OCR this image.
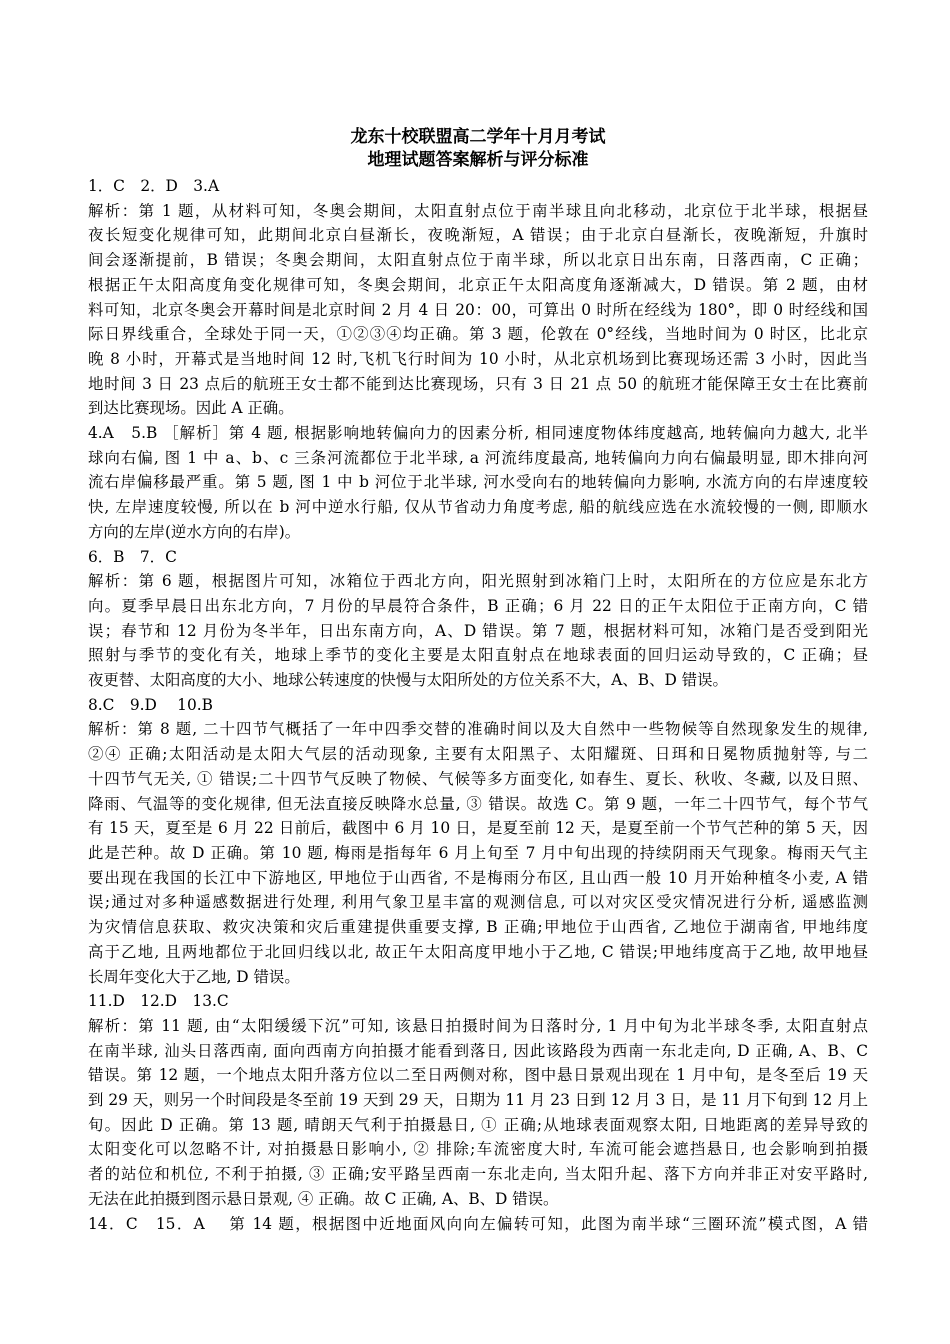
龙东十校联盟高二学年十月月考试

地理试题答案解析与评分标准

1．C　2．D　3.A

解析：第 1 题，从材料可知，冬奥会期间，太阳直射点位于南半球且向北移动，北京位于北半球，根据昼

夜长短变化规律可知，此期间北京白昼渐长，夜晚渐短，A 错误；由于北京白昼渐长，夜晚渐短，升旗时

间会逐渐提前，B 错误；冬奥会期间，太阳直射点位于南半球，所以北京日出东南，日落西南，C 正确；

根据正午太阳高度角变化规律可知，冬奥会期间，北京正午太阳高度角逐渐减大，D 错误。第 2 题，由材

料可知，北京冬奥会开幕时间是北京时间 2 月 4 日 20：00，可算出 0 时所在经线为 180°，即 0 时经线和国

际日界线重合，全球处于同一天，①②③④均正确。第 3 题，伦敦在 0°经线，当地时间为 0 时区，比北京

晚 8 小时，开幕式是当地时间 12 时,飞机飞行时间为 10 小时，从北京机场到比赛现场还需 3 小时，因此当

地时间 3 日 23 点后的航班王女士都不能到达比赛现场，只有 3 日 21 点 50 的航班才能保障王女士在比赛前

到达比赛现场。因此 A 正确。

4.A　5.B ［解析］第 4 题, 根据影响地转偏向力的因素分析, 相同速度物体纬度越高, 地转偏向力越大, 北半

球向右偏, 图 1 中 a、b、c 三条河流都位于北半球, a 河流纬度最高, 地转偏向力向右偏最明显, 即木排向河

流右岸偏移最严重。第 5 题, 图 1 中 b 河位于北半球, 河水受向右的地转偏向力影响, 水流方向的右岸速度较

快, 左岸速度较慢, 所以在 b 河中逆水行船, 仅从节省动力角度考虑, 船的航线应选在水流较慢的一侧, 即顺水

方向的左岸(逆水方向的右岸)。

6．B　7．C

解析：第 6 题，根据图片可知，冰箱位于西北方向，阳光照射到冰箱门上时，太阳所在的方位应是东北方

向。夏季早晨日出东北方向，7 月份的早晨符合条件，B 正确；6 月 22 日的正午太阳位于正南方向，C 错

误；春节和 12 月份为冬半年，日出东南方向，A、D 错误。第 7 题，根据材料可知，冰箱门是否受到阳光

照射与季节的变化有关，地球上季节的变化主要是太阳直射点在地球表面的回归运动导致的，C 正确；昼

夜更替、太阳高度的大小、地球公转速度的快慢与太阳所处的方位关系不大，A、B、D 错误。

8.C　9.D　 10.B

解析：第 8 题, 二十四节气概括了一年中四季交替的准确时间以及大自然中一些物候等自然现象发生的规律,

②④ 正确;太阳活动是太阳大气层的活动现象, 主要有太阳黑子、太阳耀斑、日珥和日冕物质抛射等, 与二

十四节气无关, ① 错误;二十四节气反映了物候、气候等多方面变化, 如春生、夏长、秋收、冬藏, 以及日照、

降雨、气温等的变化规律, 但无法直接反映降水总量, ③ 错误。故选 C。第 9 题，一年二十四节气，每个节气

有 15 天，夏至是 6 月 22 日前后，截图中 6 月 10 日，是夏至前 12 天，是夏至前一个节气芒种的第 5 天，因

此是芒种。故 D 正确。第 10 题, 梅雨是指每年 6 月上旬至 7 月中旬出现的持续阴雨天气现象。梅雨天气主

要出现在我国的长江中下游地区, 甲地位于山西省, 不是梅雨分布区, 且山西一般 10 月开始种植冬小麦, A 错

误;通过对多种遥感数据进行处理, 利用气象卫星丰富的观测信息, 可以对灾区受灾情况进行分析, 遥感监测

为灾情信息获取、救灾决策和灾后重建提供重要支撑, B 正确;甲地位于山西省, 乙地位于湖南省, 甲地纬度

高于乙地, 且两地都位于北回归线以北, 故正午太阳高度甲地小于乙地, C 错误;甲地纬度高于乙地, 故甲地昼

长周年变化大于乙地, D 错误。

11.D　12.D　13.C

解析：第 11 题, 由“太阳缓缓下沉”可知, 该悬日拍摄时间为日落时分, 1 月中旬为北半球冬季, 太阳直射点

在南半球, 汕头日落西南, 面向西南方向拍摄才能看到落日, 因此该路段为西南一东北走向, D 正确, A、B、C

错误。第 12 题，一个地点太阳升落方位以二至日两侧对称，图中悬日景观出现在 1 月中旬，是冬至后 19 天

到 29 天，则另一个时间段是冬至前 19 天到 29 天，日期为 11 月 23 日到 12 月 3 日，是 11 月下旬到 12 月上

旬。因此 D 正确。第 13 题, 晴朗天气利于拍摄悬日, ① 正确;从地球表面观察太阳, 日地距离的差异导致的

太阳变化可以忽略不计, 对拍摄悬日影响小, ② 排除;车流密度大时, 车流可能会遮挡悬日, 也会影响到拍摄

者的站位和机位, 不利于拍摄, ③ 正确;安平路呈西南一东北走向, 当太阳升起、落下方向并非正对安平路时,

无法在此拍摄到图示悬日景观, ④ 正确。故 C 正确, A、B、D 错误。

14．C　15．A　 第 14 题，根据图中近地面风向向左偏转可知，此图为南半球“三圈环流”模式图，A 错
